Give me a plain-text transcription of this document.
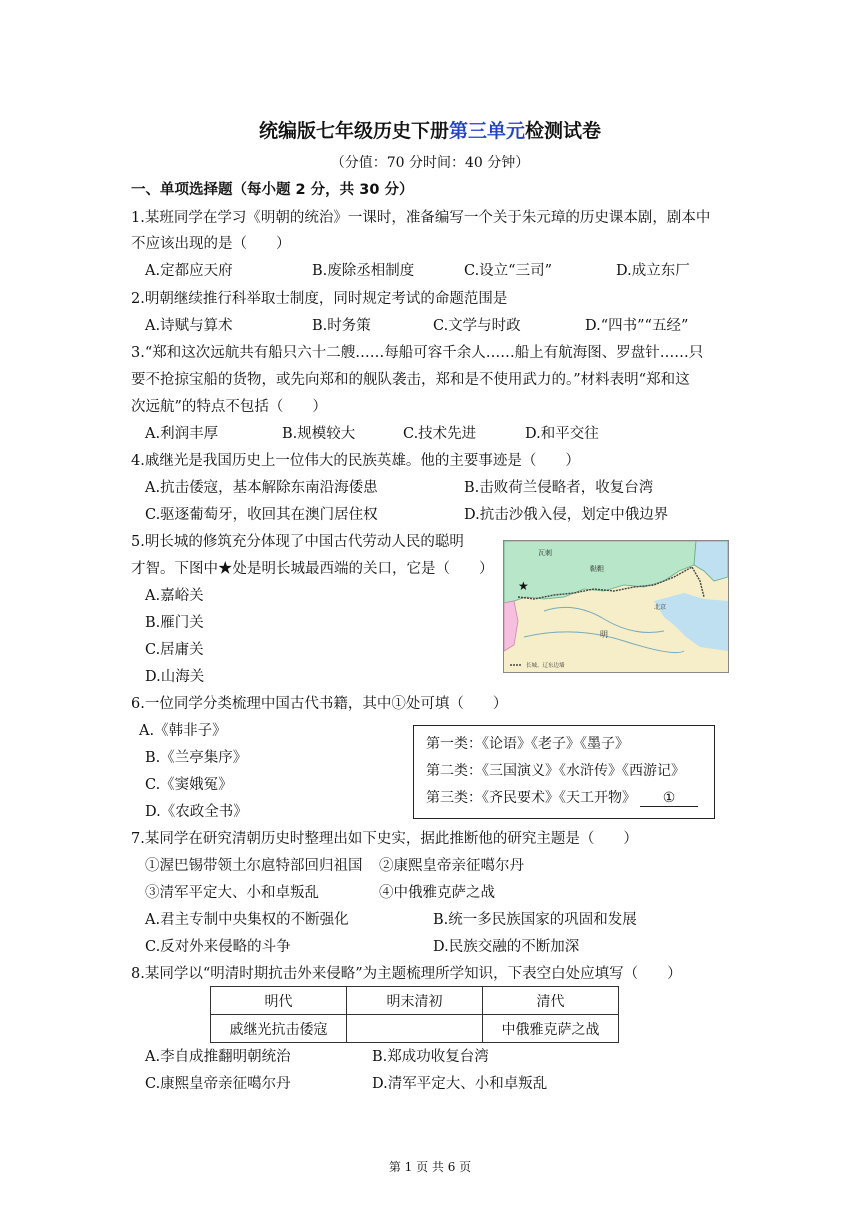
统编版七年级历史下册第三单元检测试卷
（分值：70 分时间：40 分钟）
一、单项选择题（每小题 2 分，共 30 分）
1.某班同学在学习《明朝的统治》一课时，准备编写一个关于朱元璋的历史课本剧，剧本中
不应该出现的是（　　）
A.定都应天府	B.废除丞相制度	C.设立“三司”	D.成立东厂
2.明朝继续推行科举取士制度，同时规定考试的命题范围是
A.诗赋与算术	B.时务策	C.文学与时政	D.“四书”“五经”
3.“郑和这次远航共有船只六十二艘……每船可容千余人……船上有航海图、罗盘针……只
要不抢掠宝船的货物，或先向郑和的舰队袭击，郑和是不使用武力的。”材料表明“郑和这
次远航”的特点不包括（　　）
A.利润丰厚	B.规模较大	C.技术先进	D.和平交往
4.戚继光是我国历史上一位伟大的民族英雄。他的主要事迹是（　　）
A.抗击倭寇，基本解除东南沿海倭患	B.击败荷兰侵略者，收复台湾
C.驱逐葡萄牙，收回其在澳门居住权	D.抗击沙俄入侵，划定中俄边界
5.明长城的修筑充分体现了中国古代劳动人民的聪明
才智。下图中★处是明长城最西端的关口，它是（　　）
A.嘉峪关
B.雁门关
C.居庸关
D.山海关
瓦刺
鞑靼
北京
明
★
长城、辽东边墙
6.一位同学分类梳理中国古代书籍，其中①处可填（　　）
A.《韩非子》
B.《兰亭集序》
C.《窦娥冤》
D.《农政全书》
第一类：《论语》《老子》《墨子》
第二类：《三国演义》《水浒传》《西游记》
第三类：《齐民要术》《天工开物》 ①
7.某同学在研究清朝历史时整理出如下史实，据此推断他的研究主题是（　　）
①渥巴锡带领土尔扈特部回归祖国 ②康熙皇帝亲征噶尔丹
③清军平定大、小和卓叛乱	④中俄雅克萨之战
A.君主专制中央集权的不断强化	B.统一多民族国家的巩固和发展
C.反对外来侵略的斗争	D.民族交融的不断加深
8.某同学以“明清时期抗击外来侵略”为主题梳理所学知识，下表空白处应填写（　　）
明代	明末清初	清代
戚继光抗击倭寇		中俄雅克萨之战
A.李自成推翻明朝统治	B.郑成功收复台湾
C.康熙皇帝亲征噶尔丹	D.清军平定大、小和卓叛乱
第 1 页 共 6 页
